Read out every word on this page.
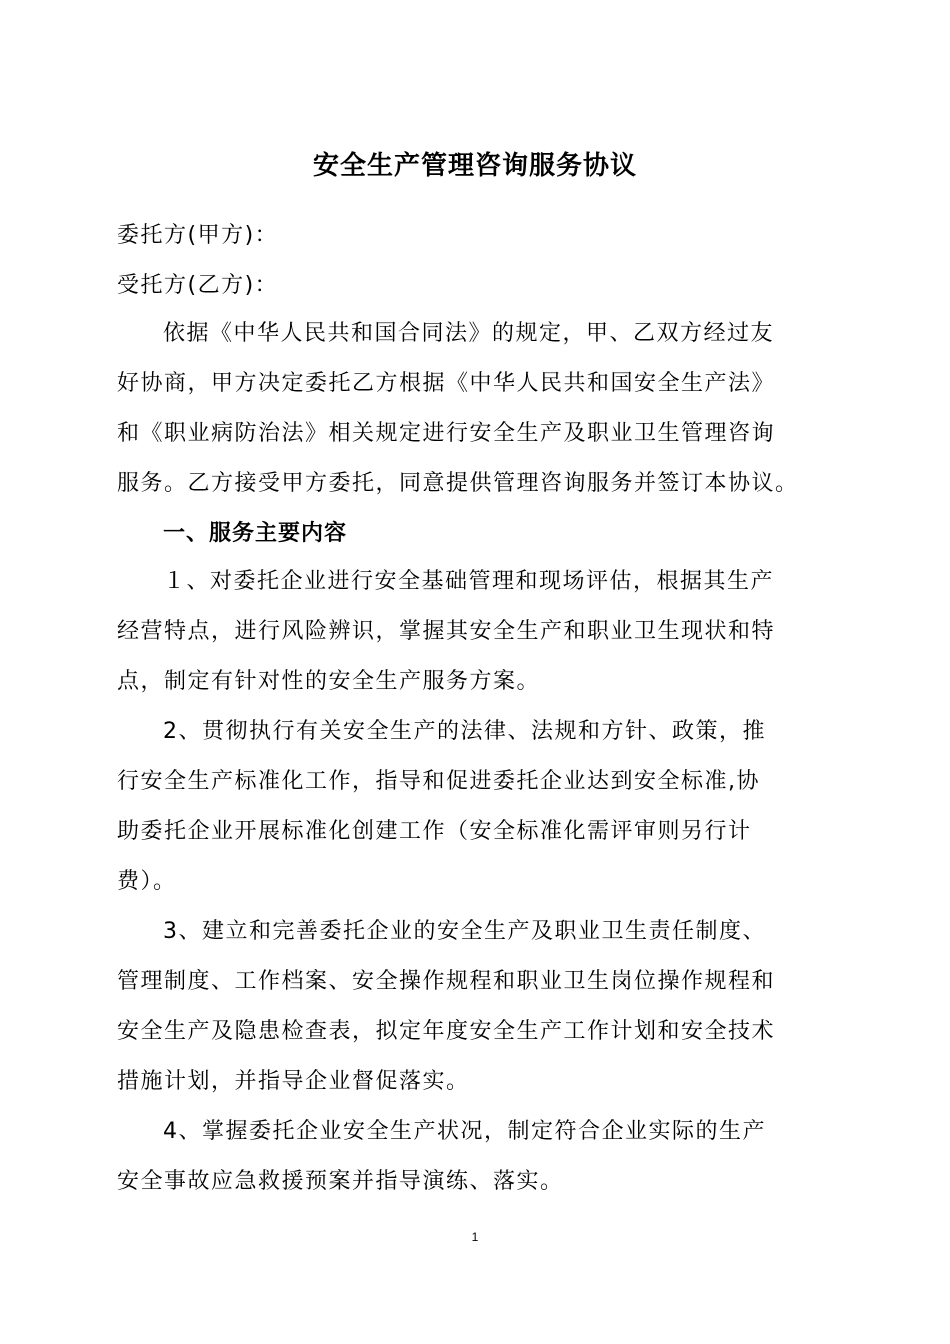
安全生产管理咨询服务协议
委托方(甲方)：
受托方(乙方)：
依据《中华人民共和国合同法》的规定，甲、乙双方经过友
好协商，甲方决定委托乙方根据《中华人民共和国安全生产法》
和《职业病防治法》相关规定进行安全生产及职业卫生管理咨询
服务。乙方接受甲方委托，同意提供管理咨询服务并签订本协议。
一、服务主要内容
１、对委托企业进行安全基础管理和现场评估，根据其生产
经营特点，进行风险辨识，掌握其安全生产和职业卫生现状和特
点，制定有针对性的安全生产服务方案。
2、贯彻执行有关安全生产的法律、法规和方针、政策，推
行安全生产标准化工作，指导和促进委托企业达到安全标准,协
助委托企业开展标准化创建工作（安全标准化需评审则另行计
费）。
3、建立和完善委托企业的安全生产及职业卫生责任制度、
管理制度、工作档案、安全操作规程和职业卫生岗位操作规程和
安全生产及隐患检查表，拟定年度安全生产工作计划和安全技术
措施计划，并指导企业督促落实。
4、掌握委托企业安全生产状况，制定符合企业实际的生产
安全事故应急救援预案并指导演练、落实。
1
